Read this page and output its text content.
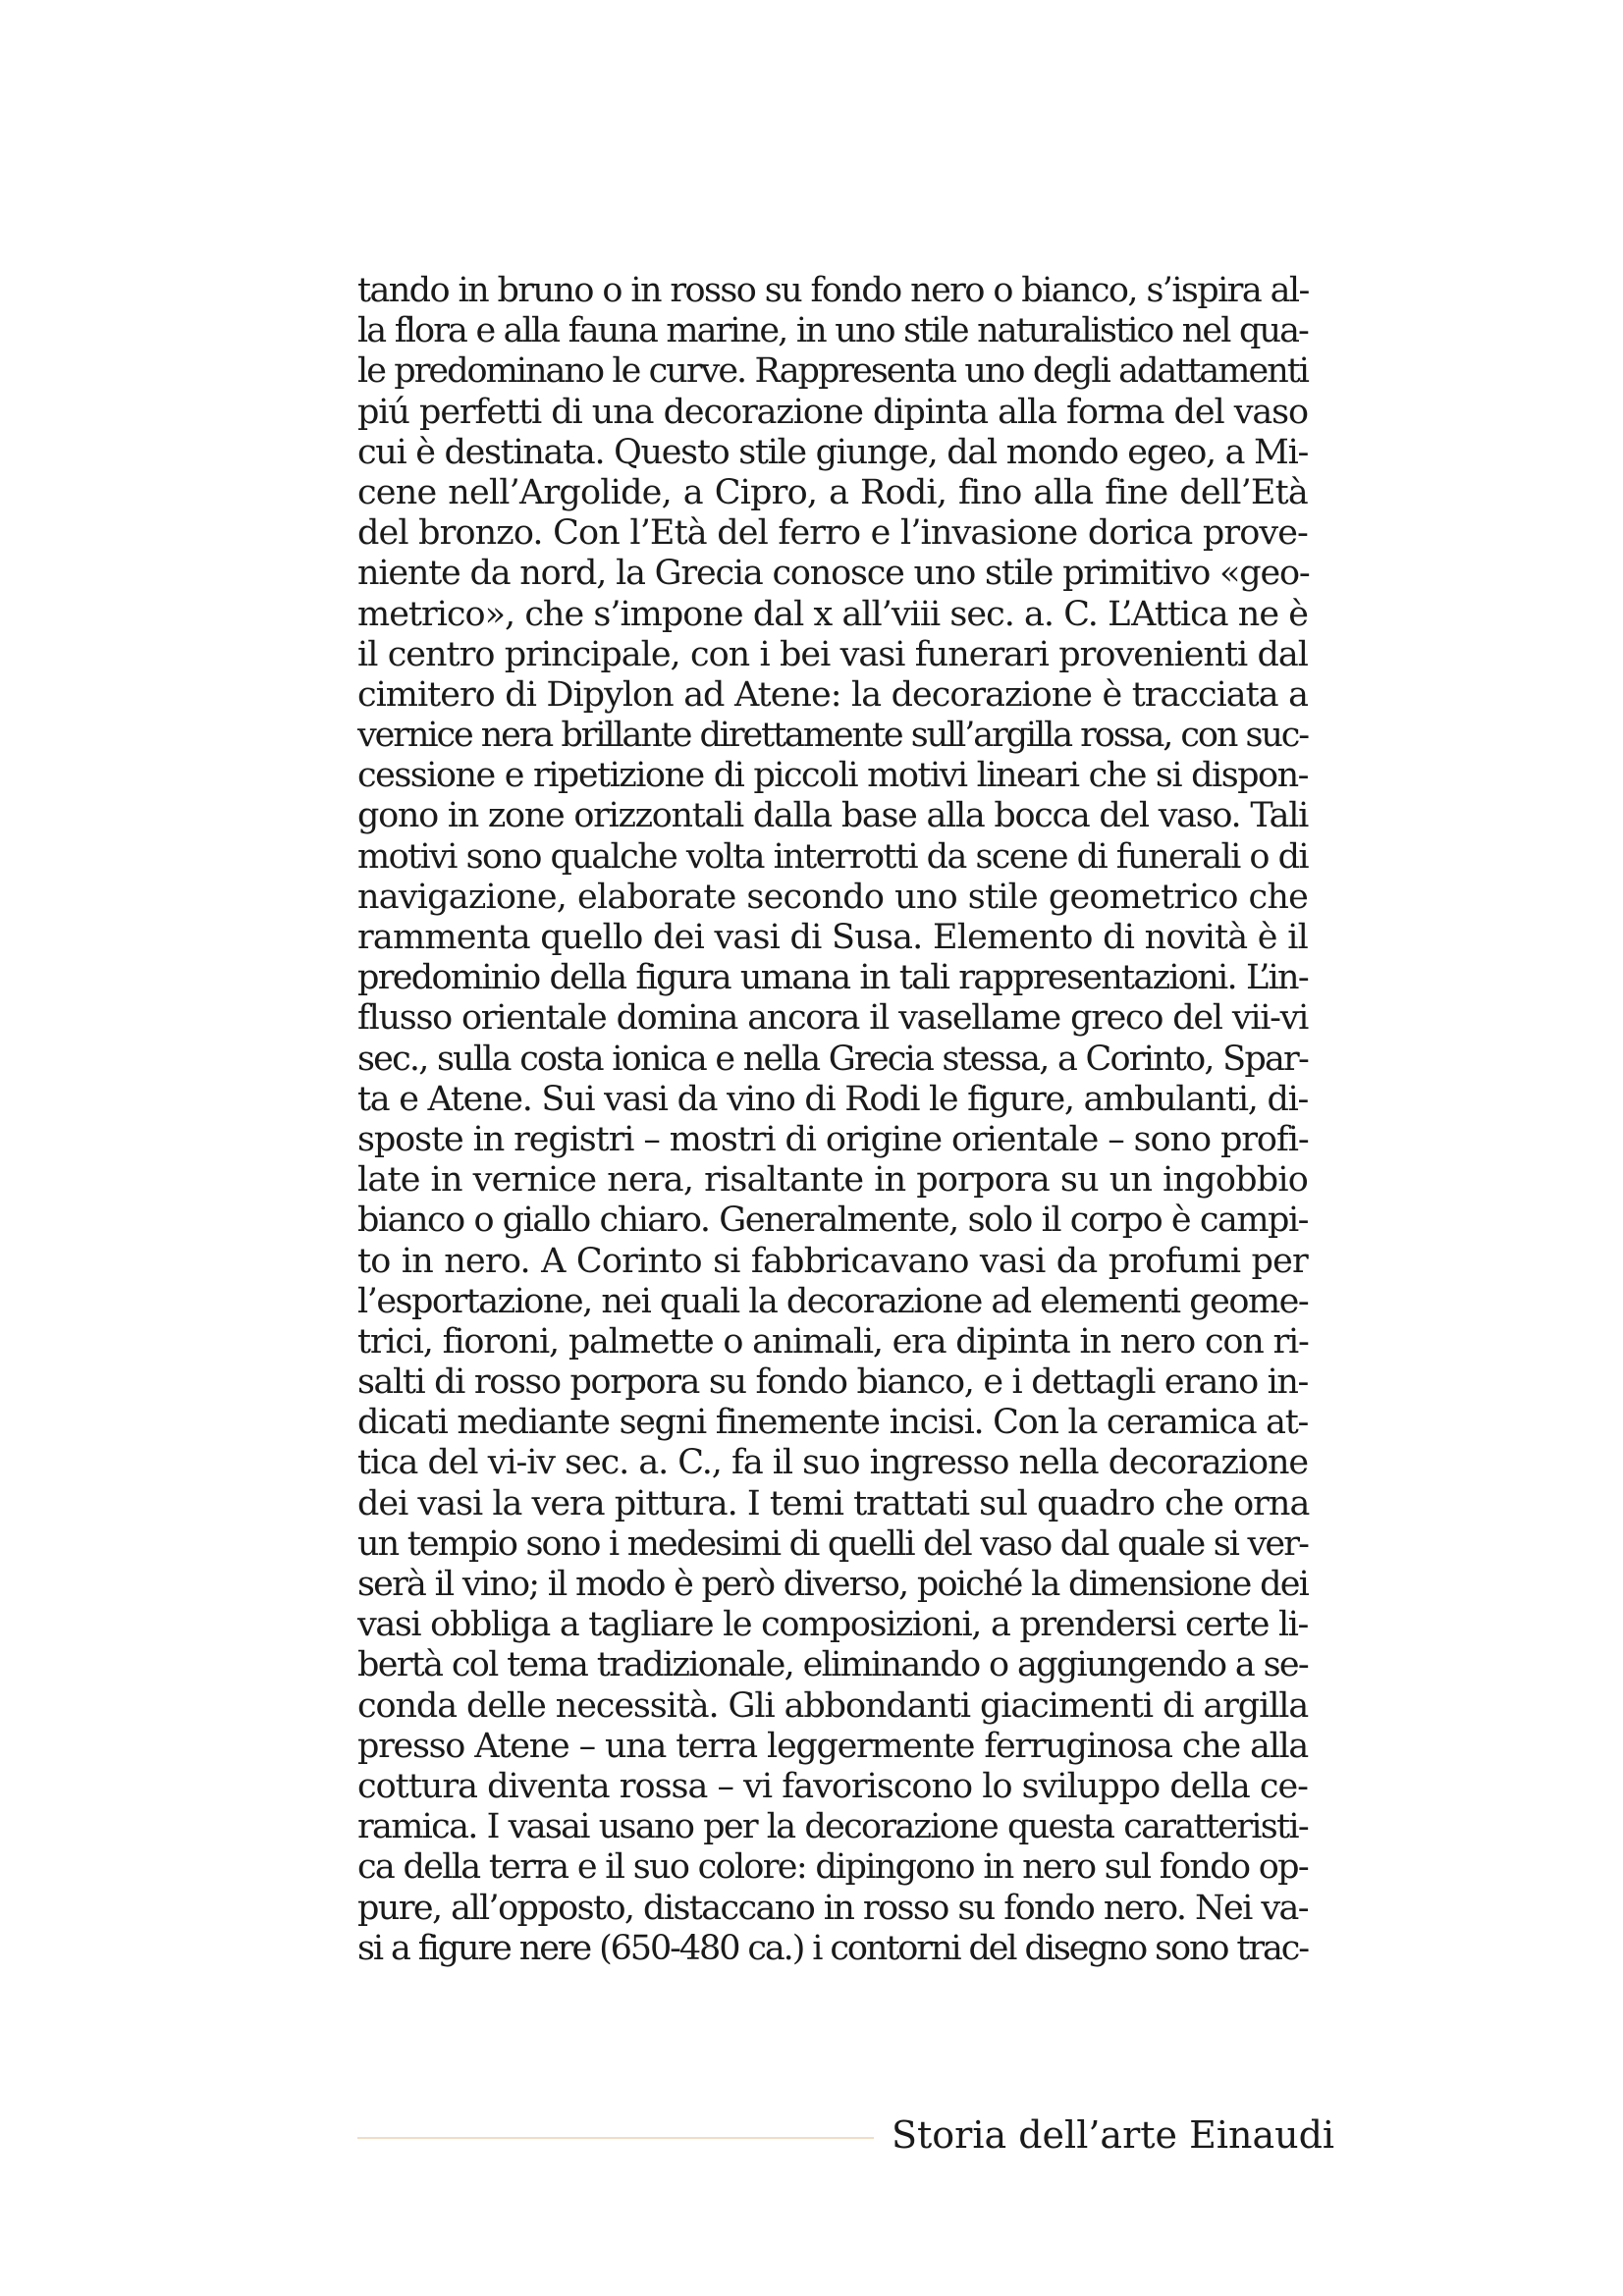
tando in bruno o in rosso su fondo nero o bianco, s’ispira al-
la flora e alla fauna marine, in uno stile naturalistico nel qua-
le predominano le curve. Rappresenta uno degli adattamenti
piú perfetti di una decorazione dipinta alla forma del vaso
cui è destinata. Questo stile giunge, dal mondo egeo, a Mi-
cene nell’Argolide, a Cipro, a Rodi, fino alla fine dell’Età
del bronzo. Con l’Età del ferro e l’invasione dorica prove-
niente da nord, la Grecia conosce uno stile primitivo «geo-
metrico», che s’impone dal x all’viii sec. a. C. L’Attica ne è
il centro principale, con i bei vasi funerari provenienti dal
cimitero di Dipylon ad Atene: la decorazione è tracciata a
vernice nera brillante direttamente sull’argilla rossa, con suc-
cessione e ripetizione di piccoli motivi lineari che si dispon-
gono in zone orizzontali dalla base alla bocca del vaso. Tali
motivi sono qualche volta interrotti da scene di funerali o di
navigazione, elaborate secondo uno stile geometrico che
rammenta quello dei vasi di Susa. Elemento di novità è il
predominio della figura umana in tali rappresentazioni. L’in-
flusso orientale domina ancora il vasellame greco del vii-vi
sec., sulla costa ionica e nella Grecia stessa, a Corinto, Spar-
ta e Atene. Sui vasi da vino di Rodi le figure, ambulanti, di-
sposte in registri – mostri di origine orientale – sono profi-
late in vernice nera, risaltante in porpora su un ingobbio
bianco o giallo chiaro. Generalmente, solo il corpo è campi-
to in nero. A Corinto si fabbricavano vasi da profumi per
l’esportazione, nei quali la decorazione ad elementi geome-
trici, fioroni, palmette o animali, era dipinta in nero con ri-
salti di rosso porpora su fondo bianco, e i dettagli erano in-
dicati mediante segni finemente incisi. Con la ceramica at-
tica del vi-iv sec. a. C., fa il suo ingresso nella decorazione
dei vasi la vera pittura. I temi trattati sul quadro che orna
un tempio sono i medesimi di quelli del vaso dal quale si ver-
serà il vino; il modo è però diverso, poiché la dimensione dei
vasi obbliga a tagliare le composizioni, a prendersi certe li-
bertà col tema tradizionale, eliminando o aggiungendo a se-
conda delle necessità. Gli abbondanti giacimenti di argilla
presso Atene – una terra leggermente ferruginosa che alla
cottura diventa rossa – vi favoriscono lo sviluppo della ce-
ramica. I vasai usano per la decorazione questa caratteristi-
ca della terra e il suo colore: dipingono in nero sul fondo op-
pure, all’opposto, distaccano in rosso su fondo nero. Nei va-
si a figure nere (650-480 ca.) i contorni del disegno sono trac-
Storia dell’arte Einaudi
